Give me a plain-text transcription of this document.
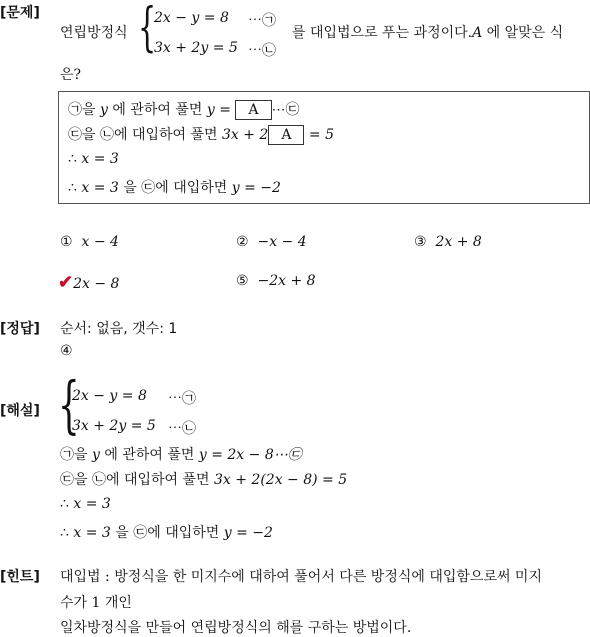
[문제]
연립방정식 {
2x − y = 8 ⋯㉠
3x + 2y = 5 ⋯㉡
를 대입법으로 푸는 과정이다.A 에 알맞은 식
은?
㉠을 y 에 관하여 풀면 y = A ⋯㉢
㉢을 ㉡에 대입하여 풀면 3x + 2 A = 5
∴ x = 3
∴ x = 3 을 ㉢에 대입하면 y = −2
① x − 4	② −x − 4	③ 2x + 8
✔2x − 8	⑤ −2x + 8
[정답] 순서: 없음, 갯수: 1
④
[해설] {
2x − y = 8 ⋯㉠
3x + 2y = 5 ⋯㉡
㉠을 y 에 관하여 풀면 y = 2x − 8⋯㉢
㉢을 ㉡에 대입하여 풀면 3x + 2(2x − 8) = 5
∴ x = 3
∴ x = 3 을 ㉢에 대입하면 y = −2
[힌트] 대입법 : 방정식을 한 미지수에 대하여 풀어서 다른 방정식에 대입함으로써 미지
수가 1 개인
일차방정식을 만들어 연립방정식의 해를 구하는 방법이다.
